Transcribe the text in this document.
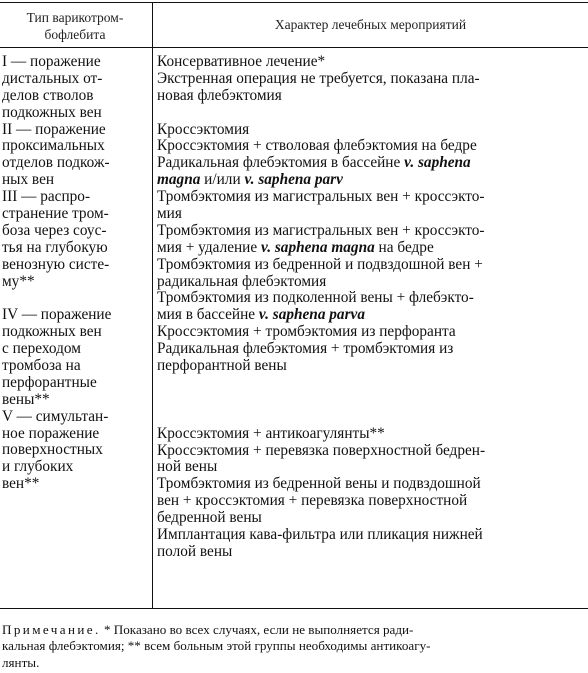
Тип варикотром-
бофлебита
Характер лечебных мероприятий
I — поражение
дистальных от-
делов стволов
подкожных вен
II — поражение
проксимальных
отделов подкож-
ных вен
III — распро-
странение тром-
боза через соус-
тья на глубокую
венозную систе-
му**
IV — поражение
подкожных вен
с переходом
тромбоза на
перфорантные
вены**
V — симультан-
ное поражение
поверхностных
и глубоких
вен**
Консервативное лечение*
Экстренная операция не требуется, показана пла-
новая флебэктомия
Кроссэктомия
Кроссэктомия + стволовая флебэктомия на бедре
Радикальная флебэктомия в бассейне v. saphena
magna и/или v. saphena parv
Тромбэктомия из магистральных вен + кроссэкто-
мия
Тромбэктомия из магистральных вен + кроссэкто-
мия + удаление v. saphena magna на бедре
Тромбэктомия из бедренной и подвздошной вен +
радикальная флебэктомия
Тромбэктомия из подколенной вены + флебэкто-
мия в бассейне v. saphena parva
Кроссэктомия + тромбэктомия из перфоранта
Радикальная флебэктомия + тромбэктомия из
перфорантной вены
Кроссэктомия + антикоагулянты**
Кроссэктомия + перевязка поверхностной бедрен-
ной вены
Тромбэктомия из бедренной вены и подвздошной
вен + кроссэктомия + перевязка поверхностной
бедренной вены
Имплантация кава-фильтра или пликация нижней
полой вены
Примечание. * Показано во всех случаях, если не выполняется ради-
кальная флебэктомия; ** всем больным этой группы необходимы антикоагу-
лянты.
